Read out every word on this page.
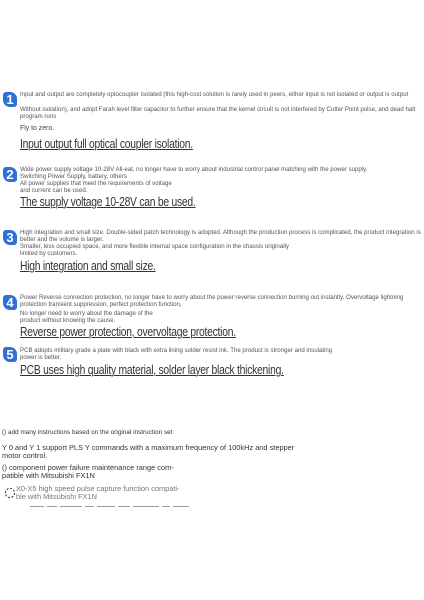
1	Input and output are completely optocoupler isolated (this high-cost solution is rarely used in peers, either input is not isolated or output is output
Without isolation), and adopt Farah level filter capacitor to further ensure that the kernel circuit is not interfered by Cutter Point pulse, and dead halt program runs
Fly to zero.
Input output full optical coupler isolation.
2	Wide power supply voltage 10-28V All-eat, no longer have to worry about industrial control panel matching with the power supply.
Switching Power Supply, battery, others
All power supplies that meet the requirements of voltage
and current can be used.
The supply voltage 10-28V can be used.
3	High integration and small size. Double-sided patch technology is adopted. Although the production process is complicated, the product integration is better and the volume is larger.
Smaller, less occupied space, and more flexible internal space configuration in the chassis originally
limited by customers.
High integration and small size.
4	Power Reverse connection protection, no longer have to worry about the power reverse connection burning out instantly. Overvoltage lightning protection transient suppression, perfect protection function,
No longer need to worry about the damage of the
product without knowing the cause.
Reverse power protection, overvoltage protection.
5	PCB adopts military grade a plate with black with extra lining solder resist ink. The product is stronger and insulating
power is better.
PCB uses high quality material, solder layer black thickening.
() add many instructions based on the original instruction set
Y 0 and Y 1 support PLS Y commands with a maximum frequency of 100kHz and stepper
motor control.
() component power failure maintenance range com-
patible with Mitsubishi FX1N
X0-X5 high speed pulse capture function compati-
ble with Mitsubishi FX1N
